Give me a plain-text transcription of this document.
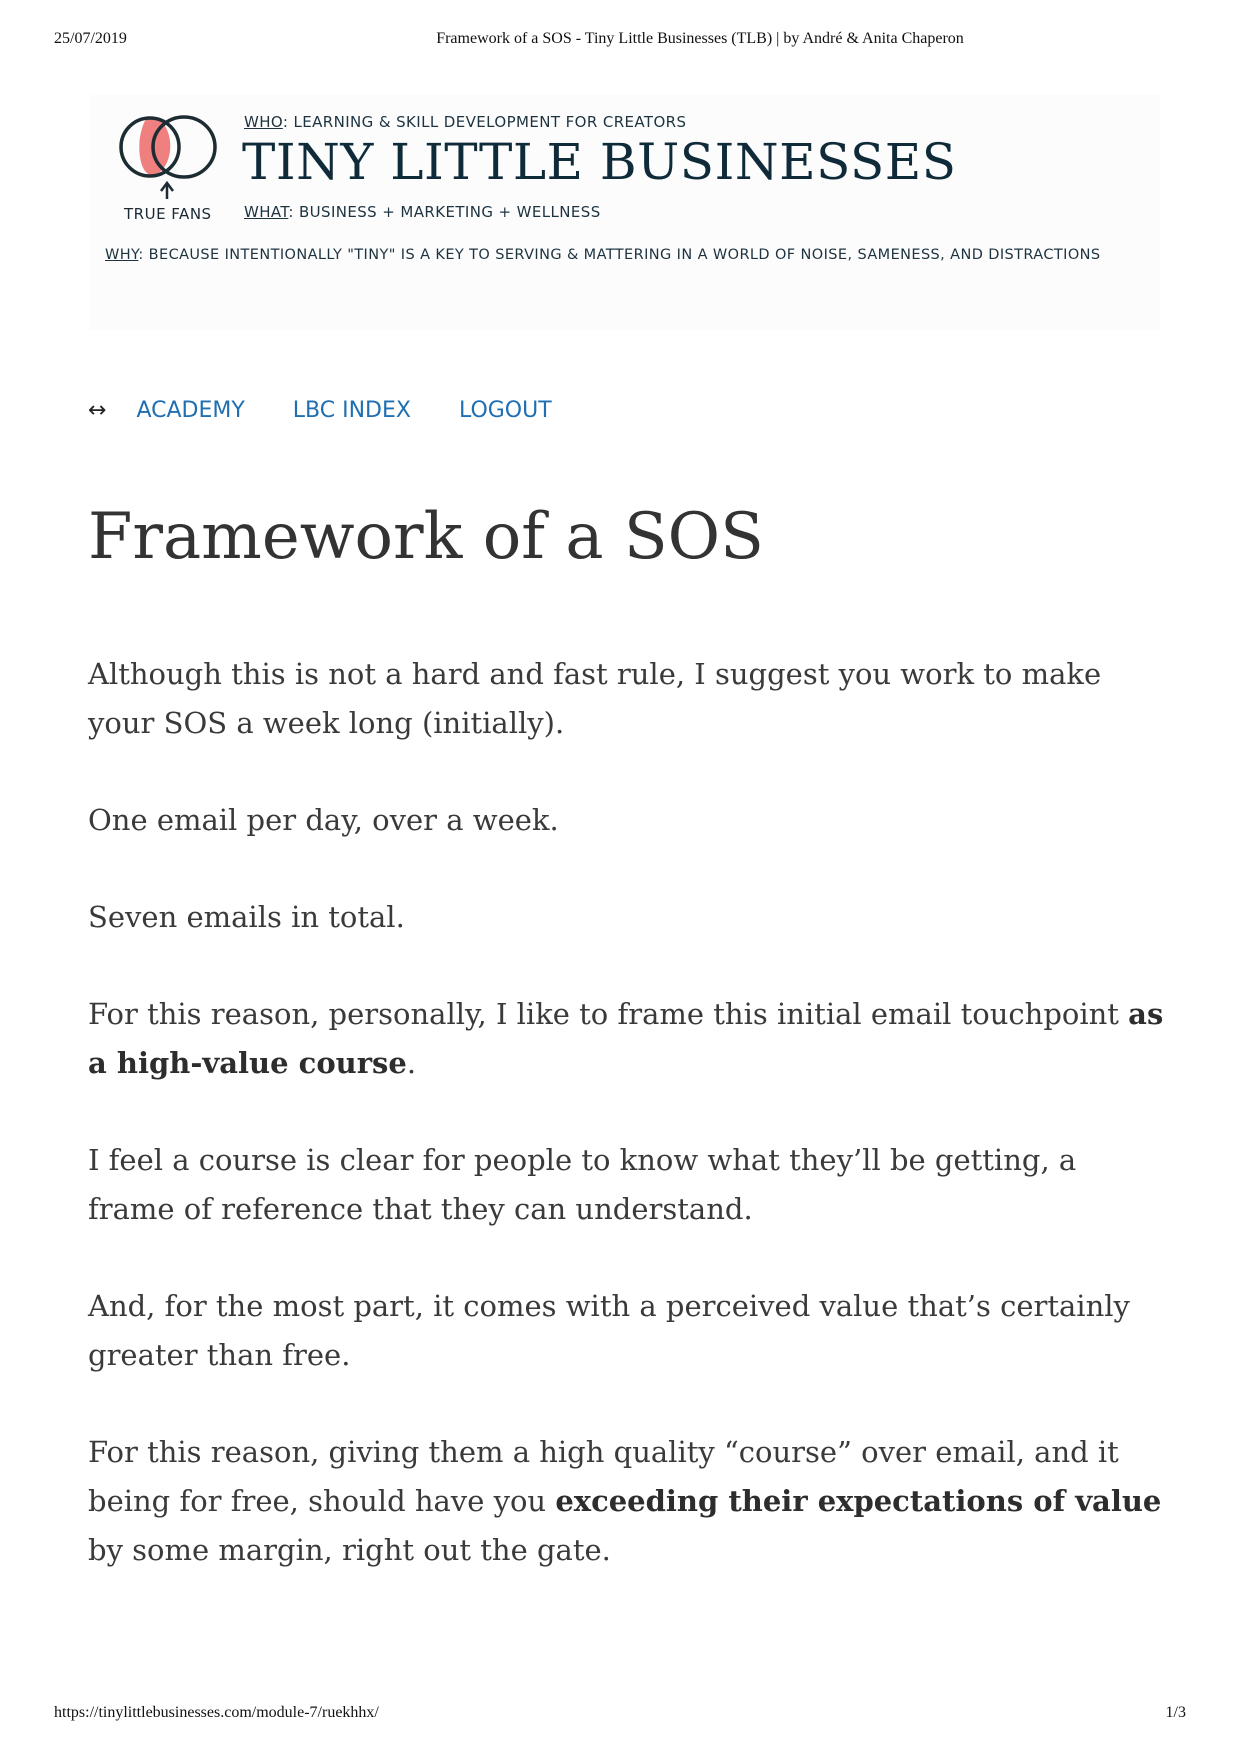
25/07/2019	Framework of a SOS - Tiny Little Businesses (TLB) | by André & Anita Chaperon
TRUE FANS
WHO: LEARNING & SKILL DEVELOPMENT FOR CREATORS
TINY LITTLE BUSINESSES
WHAT: BUSINESS + MARKETING + WELLNESS
WHY: BECAUSE INTENTIONALLY "TINY" IS A KEY TO SERVING & MATTERING IN A WORLD OF NOISE, SAMENESS, AND DISTRACTIONS
↔ ACADEMY LBC INDEX LOGOUT
Framework of a SOS

Although this is not a hard and fast rule, I suggest you work to make your SOS a week long (initially).

One email per day, over a week.

Seven emails in total.

For this reason, personally, I like to frame this initial email touchpoint as a high-value course.

I feel a course is clear for people to know what they’ll be getting, a frame of reference that they can understand.

And, for the most part, it comes with a perceived value that’s certainly greater than free.

For this reason, giving them a high quality “course” over email, and it being for free, should have you exceeding their expectations of value by some margin, right out the gate.

https://tinylittlebusinesses.com/module-7/ruekhhx/	1/3
